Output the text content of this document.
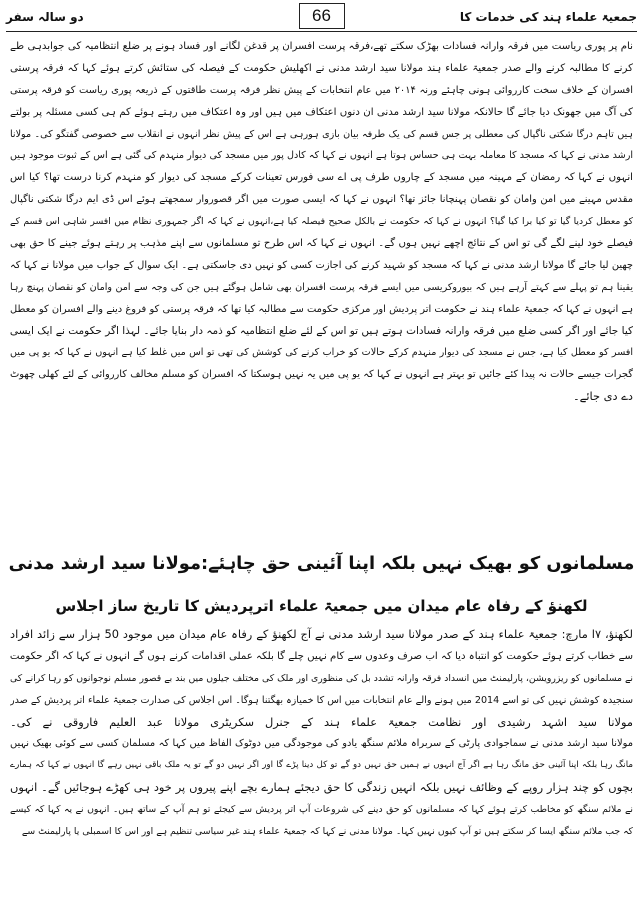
دو سالہ سفر	66	جمعیۃ علماء ہند کی خدمات کا
نام پر پوری ریاست میں فرقہ وارانہ فسادات بھڑک سکتے تھے،فرقہ پرست افسران پر قدغن لگانے اور فساد ہونے پر ضلع انتظامیہ کی جوابدہی طے
کرنے کا مطالبہ کرنے والے صدر جمعیۃ علماء ہند مولانا سید ارشد مدنی نے اکھلیش حکومت کے فیصلہ کی ستائش کرتے ہوئے کہا کہ فرقہ پرستی
افسران کے خلاف سخت کارروائی ہونی چاہئے ورنہ ۲۰۱۴ میں عام انتخابات کے پیش نظر فرقہ پرست طاقتوں کے ذریعہ پوری ریاست کو فرقہ پرستی
کی آگ میں جھونک دیا جائے گا حالانکہ مولانا سید ارشد مدنی ان دنوں اعتکاف میں ہیں اور وہ اعتکاف میں رہتے ہوئے کم ہی کسی مسئلہ پر بولتے
ہیں تاہم درگا شکتی ناگپال کی معطلی پر جس قسم کی یک طرفہ بیان بازی ہورہی ہے اس کے پیش نظر انہوں نے انقلاب سے خصوصی گفتگو کی۔ مولانا
ارشد مدنی نے کہا کہ مسجد کا معاملہ بہت ہی حساس ہوتا ہے انہوں نے کہا کہ کادل پور میں مسجد کی دیوار منہدم کی گئی ہے اس کے ثبوت موجود ہیں
انہوں نے کہا کہ رمضان کے مہینہ میں مسجد کے چاروں طرف پی اے سی فورس تعینات کرکے مسجد کی دیوار کو منہدم کرنا درست تھا؟ کیا اس
مقدس مہینے میں امن وامان کو نقصان پہنچانا جائز تھا؟ انہوں نے کہا کہ ایسی صورت میں اگر قصوروار سمجھتے ہوئے اس ڈی ایم درگا شکتی ناگپال
کو معطل کردیا گیا تو کیا برا کیا گیا؟ انہوں نے کہا کہ حکومت نے بالکل صحیح فیصلہ کیا ہے،انہوں نے کہا کہ اگر جمہوری نظام میں افسر شاہی اس قسم کے
فیصلے خود لینے لگے گی تو اس کے نتائج اچھے نہیں ہوں گے۔ انہوں نے کہا کہ اس طرح تو مسلمانوں سے اپنے مذہب پر رہتے ہوئے جینے کا حق بھی
چھین لیا جائے گا مولانا ارشد مدنی نے کہا کہ مسجد کو شہید کرنے کی اجازت کسی کو نہیں دی جاسکتی ہے۔ ایک سوال کے جواب میں مولانا نے کہا کہ
یقینا ہم تو پہلے سے کہتے آرہے ہیں کہ بیوروکریسی میں ایسے فرقہ پرست افسران بھی شامل ہوگئے ہیں جن کی وجہ سے امن وامان کو نقصان پہنچ رہا
ہے انہوں نے کہا کہ جمعیۃ علماء ہند نے حکومت اتر پردیش اور مرکزی حکومت سے مطالبہ کیا تھا کہ فرقہ پرستی کو فروغ دینے والے افسران کو معطل
کیا جائے اور اگر کسی ضلع میں فرقہ وارانہ فسادات ہوتے ہیں تو اس کے لئے ضلع انتظامیہ کو ذمہ دار بنایا جائے۔ لہذا اگر حکومت نے ایک ایسی
افسر کو معطل کیا ہے، جس نے مسجد کی دیوار منہدم کرکے حالات کو خراب کرنے کی کوشش کی تھی تو اس میں غلط کیا ہے انہوں نے کہا کہ یو پی میں
گجرات جیسے حالات نہ پیدا کئے جائیں تو بہتر ہے انہوں نے کہا کہ یو پی میں یہ نہیں ہوسکتا کہ افسران کو مسلم مخالف کارروائی کے لئے کھلی چھوٹ
دے دی جائے۔
مسلمانوں کو بھیک نہیں بلکہ اپنا آئینی حق چاہئے:مولانا سید ارشد مدنی
لکھنؤ کے رفاہ عام میدان میں جمعیۃ علماء اترپردیش کا تاریخ ساز اجلاس
لکھنؤ، ۷ا مارچ: جمعیۃ علماء ہند کے صدر مولانا سید ارشد مدنی نے آج لکھنؤ کے رفاہ عام میدان میں موجود 50 ہزار سے زائد افراد
سے خطاب کرتے ہوئے حکومت کو انتباہ دیا کہ اب صرف وعدوں سے کام نہیں چلے گا بلکہ عملی اقدامات کرنے ہوں گے انہوں نے کہا کہ اگر حکومت
نے مسلمانوں کو ریزرویشن، پارلیمنٹ میں انسداد فرقہ وارانہ تشدد بل کی منظوری اور ملک کی مختلف جیلوں میں بند بے قصور مسلم نوجوانوں کو رہا کرانے کی
سنجیدہ کوشش نہیں کی تو اسے 2014 میں ہونے والے عام انتخابات میں اس کا خمیازہ بھگتنا ہوگا۔ اس اجلاس کی صدارت جمعیۃ علماء اتر پردیش کے صدر
مولانا سید اشہد رشیدی اور نظامت جمعیۃ علماء ہند کے جنرل سکریٹری مولانا عبد العلیم فاروقی نے کی۔
مولانا سید ارشد مدنی نے سماجوادی پارٹی کے سربراہ ملائم سنگھ یادو کی موجودگی میں دوٹوک الفاظ میں کہا کہ مسلمان کسی سے کوئی بھیک نہیں
مانگ رہا بلکہ اپنا آئینی حق مانگ رہا ہے اگر آج انہوں نے ہمیں حق نہیں دو گے تو کل دینا پڑے گا اور اگر نہیں دو گے تو یہ ملک باقی نہیں رہے گا انہوں نے کہا کہ ہمارے
بچوں کو چند ہزار روپے کے وظائف نہیں بلکہ انہیں زندگی کا حق دیجئے ہمارے بچے اپنے پیروں پر خود ہی کھڑے ہوجائیں گے۔ انہوں
نے ملائم سنگھ کو مخاطب کرتے ہوئے کہا کہ مسلمانوں کو حق دینے کی شروعات آپ اتر پردیش سے کیجئے تو ہم آپ کے ساتھ ہیں۔ انہوں نے یہ کہا کہ کیسے
کہ جب ملائم سنگھ ایسا کر سکتے ہیں تو آپ کیوں نہیں کہا۔ مولانا مدنی نے کہا کہ جمعیۃ علماء ہند غیر سیاسی تنظیم ہے اور اس کا اسمبلی یا پارلیمنٹ سے
